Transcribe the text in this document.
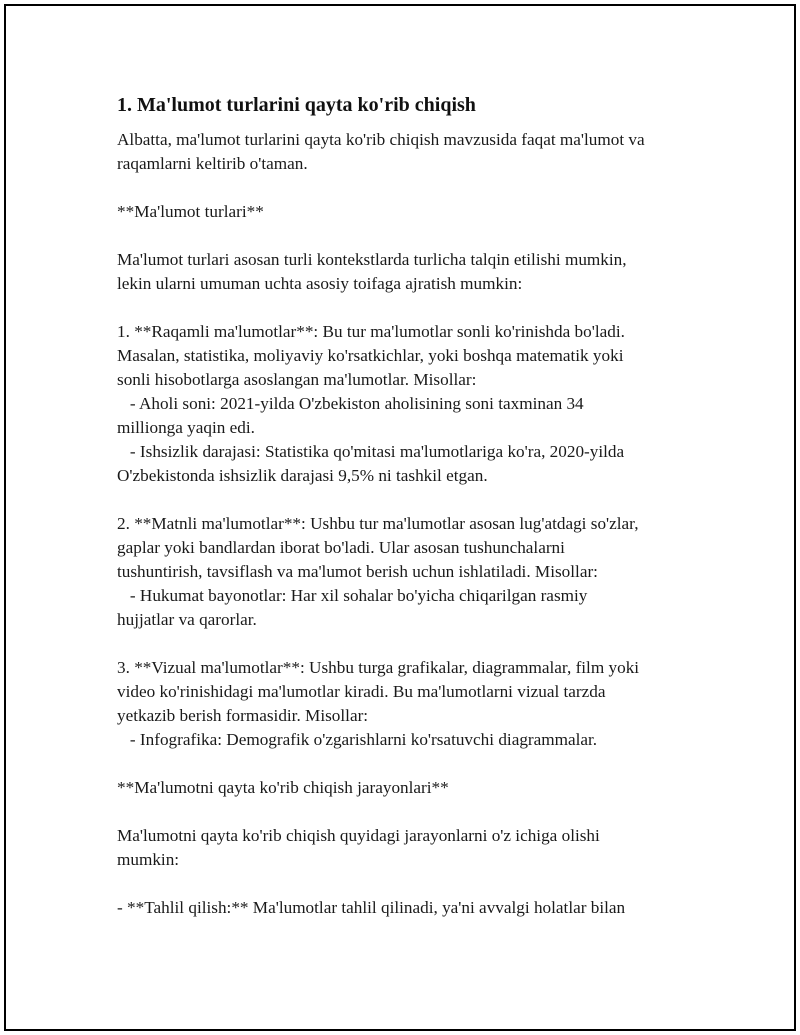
1. Ma'lumot turlarini qayta ko'rib chiqish

Albatta, ma'lumot turlarini qayta ko'rib chiqish mavzusida faqat ma'lumot va
raqamlarni keltirib o'taman.

**Ma'lumot turlari**

Ma'lumot turlari asosan turli kontekstlarda turlicha talqin etilishi mumkin,
lekin ularni umuman uchta asosiy toifaga ajratish mumkin:

1. **Raqamli ma'lumotlar**: Bu tur ma'lumotlar sonli ko'rinishda bo'ladi.
Masalan, statistika, moliyaviy ko'rsatkichlar, yoki boshqa matematik yoki
sonli hisobotlarga asoslangan ma'lumotlar. Misollar:
- Aholi soni: 2021-yilda O'zbekiston aholisining soni taxminan 34
millionga yaqin edi.
- Ishsizlik darajasi: Statistika qo'mitasi ma'lumotlariga ko'ra, 2020-yilda
O'zbekistonda ishsizlik darajasi 9,5% ni tashkil etgan.

2. **Matnli ma'lumotlar**: Ushbu tur ma'lumotlar asosan lug'atdagi so'zlar,
gaplar yoki bandlardan iborat bo'ladi. Ular asosan tushunchalarni
tushuntirish, tavsiflash va ma'lumot berish uchun ishlatiladi. Misollar:
- Hukumat bayonotlar: Har xil sohalar bo'yicha chiqarilgan rasmiy
hujjatlar va qarorlar.

3. **Vizual ma'lumotlar**: Ushbu turga grafikalar, diagrammalar, film yoki
video ko'rinishidagi ma'lumotlar kiradi. Bu ma'lumotlarni vizual tarzda
yetkazib berish formasidir. Misollar:
- Infografika: Demografik o'zgarishlarni ko'rsatuvchi diagrammalar.

**Ma'lumotni qayta ko'rib chiqish jarayonlari**

Ma'lumotni qayta ko'rib chiqish quyidagi jarayonlarni o'z ichiga olishi
mumkin:

- **Tahlil qilish:** Ma'lumotlar tahlil qilinadi, ya'ni avvalgi holatlar bilan
